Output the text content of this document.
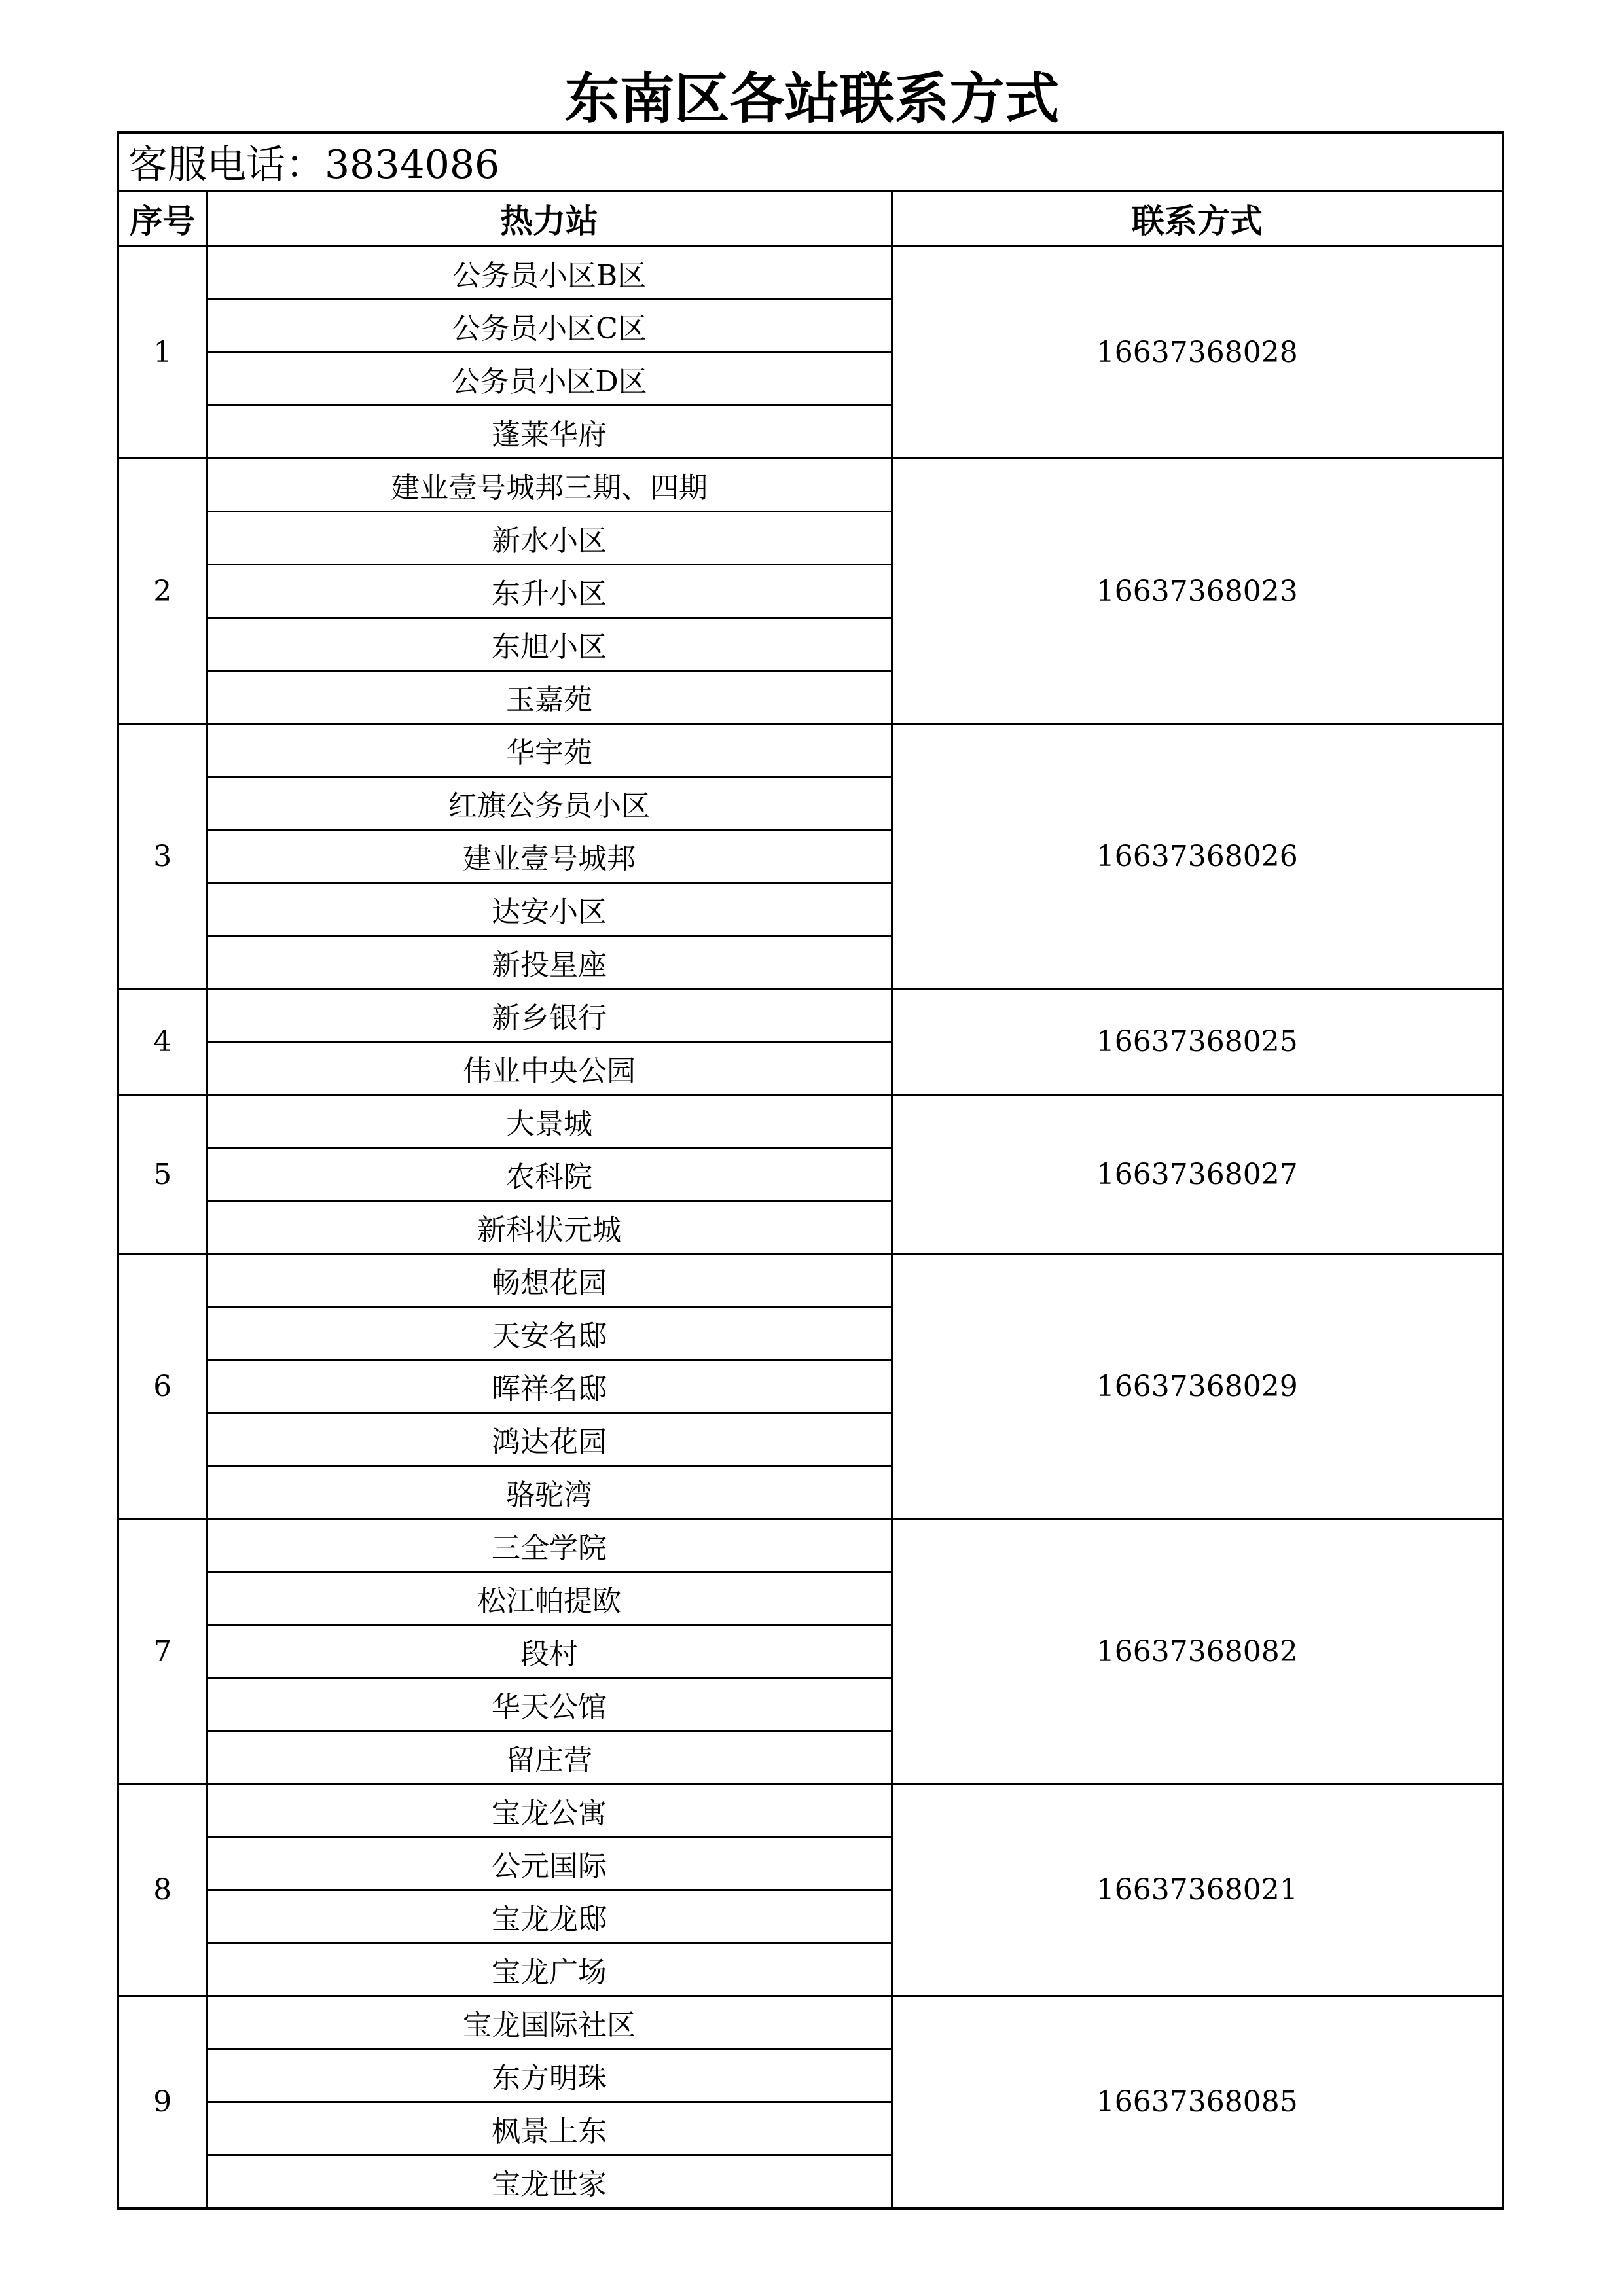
东南区各站联系方式
客服电话：3834086		
序号	热力站	联系方式
1	公务员小区B区	16637368028
	公务员小区C区	
	公务员小区D区	
	蓬莱华府	
2	建业壹号城邦三期、四期	16637368023
	新水小区	
	东升小区	
	东旭小区	
	玉嘉苑	
3	华宇苑	16637368026
	红旗公务员小区	
	建业壹号城邦	
	达安小区	
	新投星座	
4	新乡银行	16637368025
	伟业中央公园	
5	大景城	16637368027
	农科院	
	新科状元城	
6	畅想花园	16637368029
	天安名邸	
	晖祥名邸	
	鸿达花园	
	骆驼湾	
7	三全学院	16637368082
	松江帕提欧	
	段村	
	华天公馆	
	留庄营	
8	宝龙公寓	16637368021
	公元国际	
	宝龙龙邸	
	宝龙广场	
9	宝龙国际社区	16637368085
	东方明珠	
	枫景上东	
	宝龙世家	
